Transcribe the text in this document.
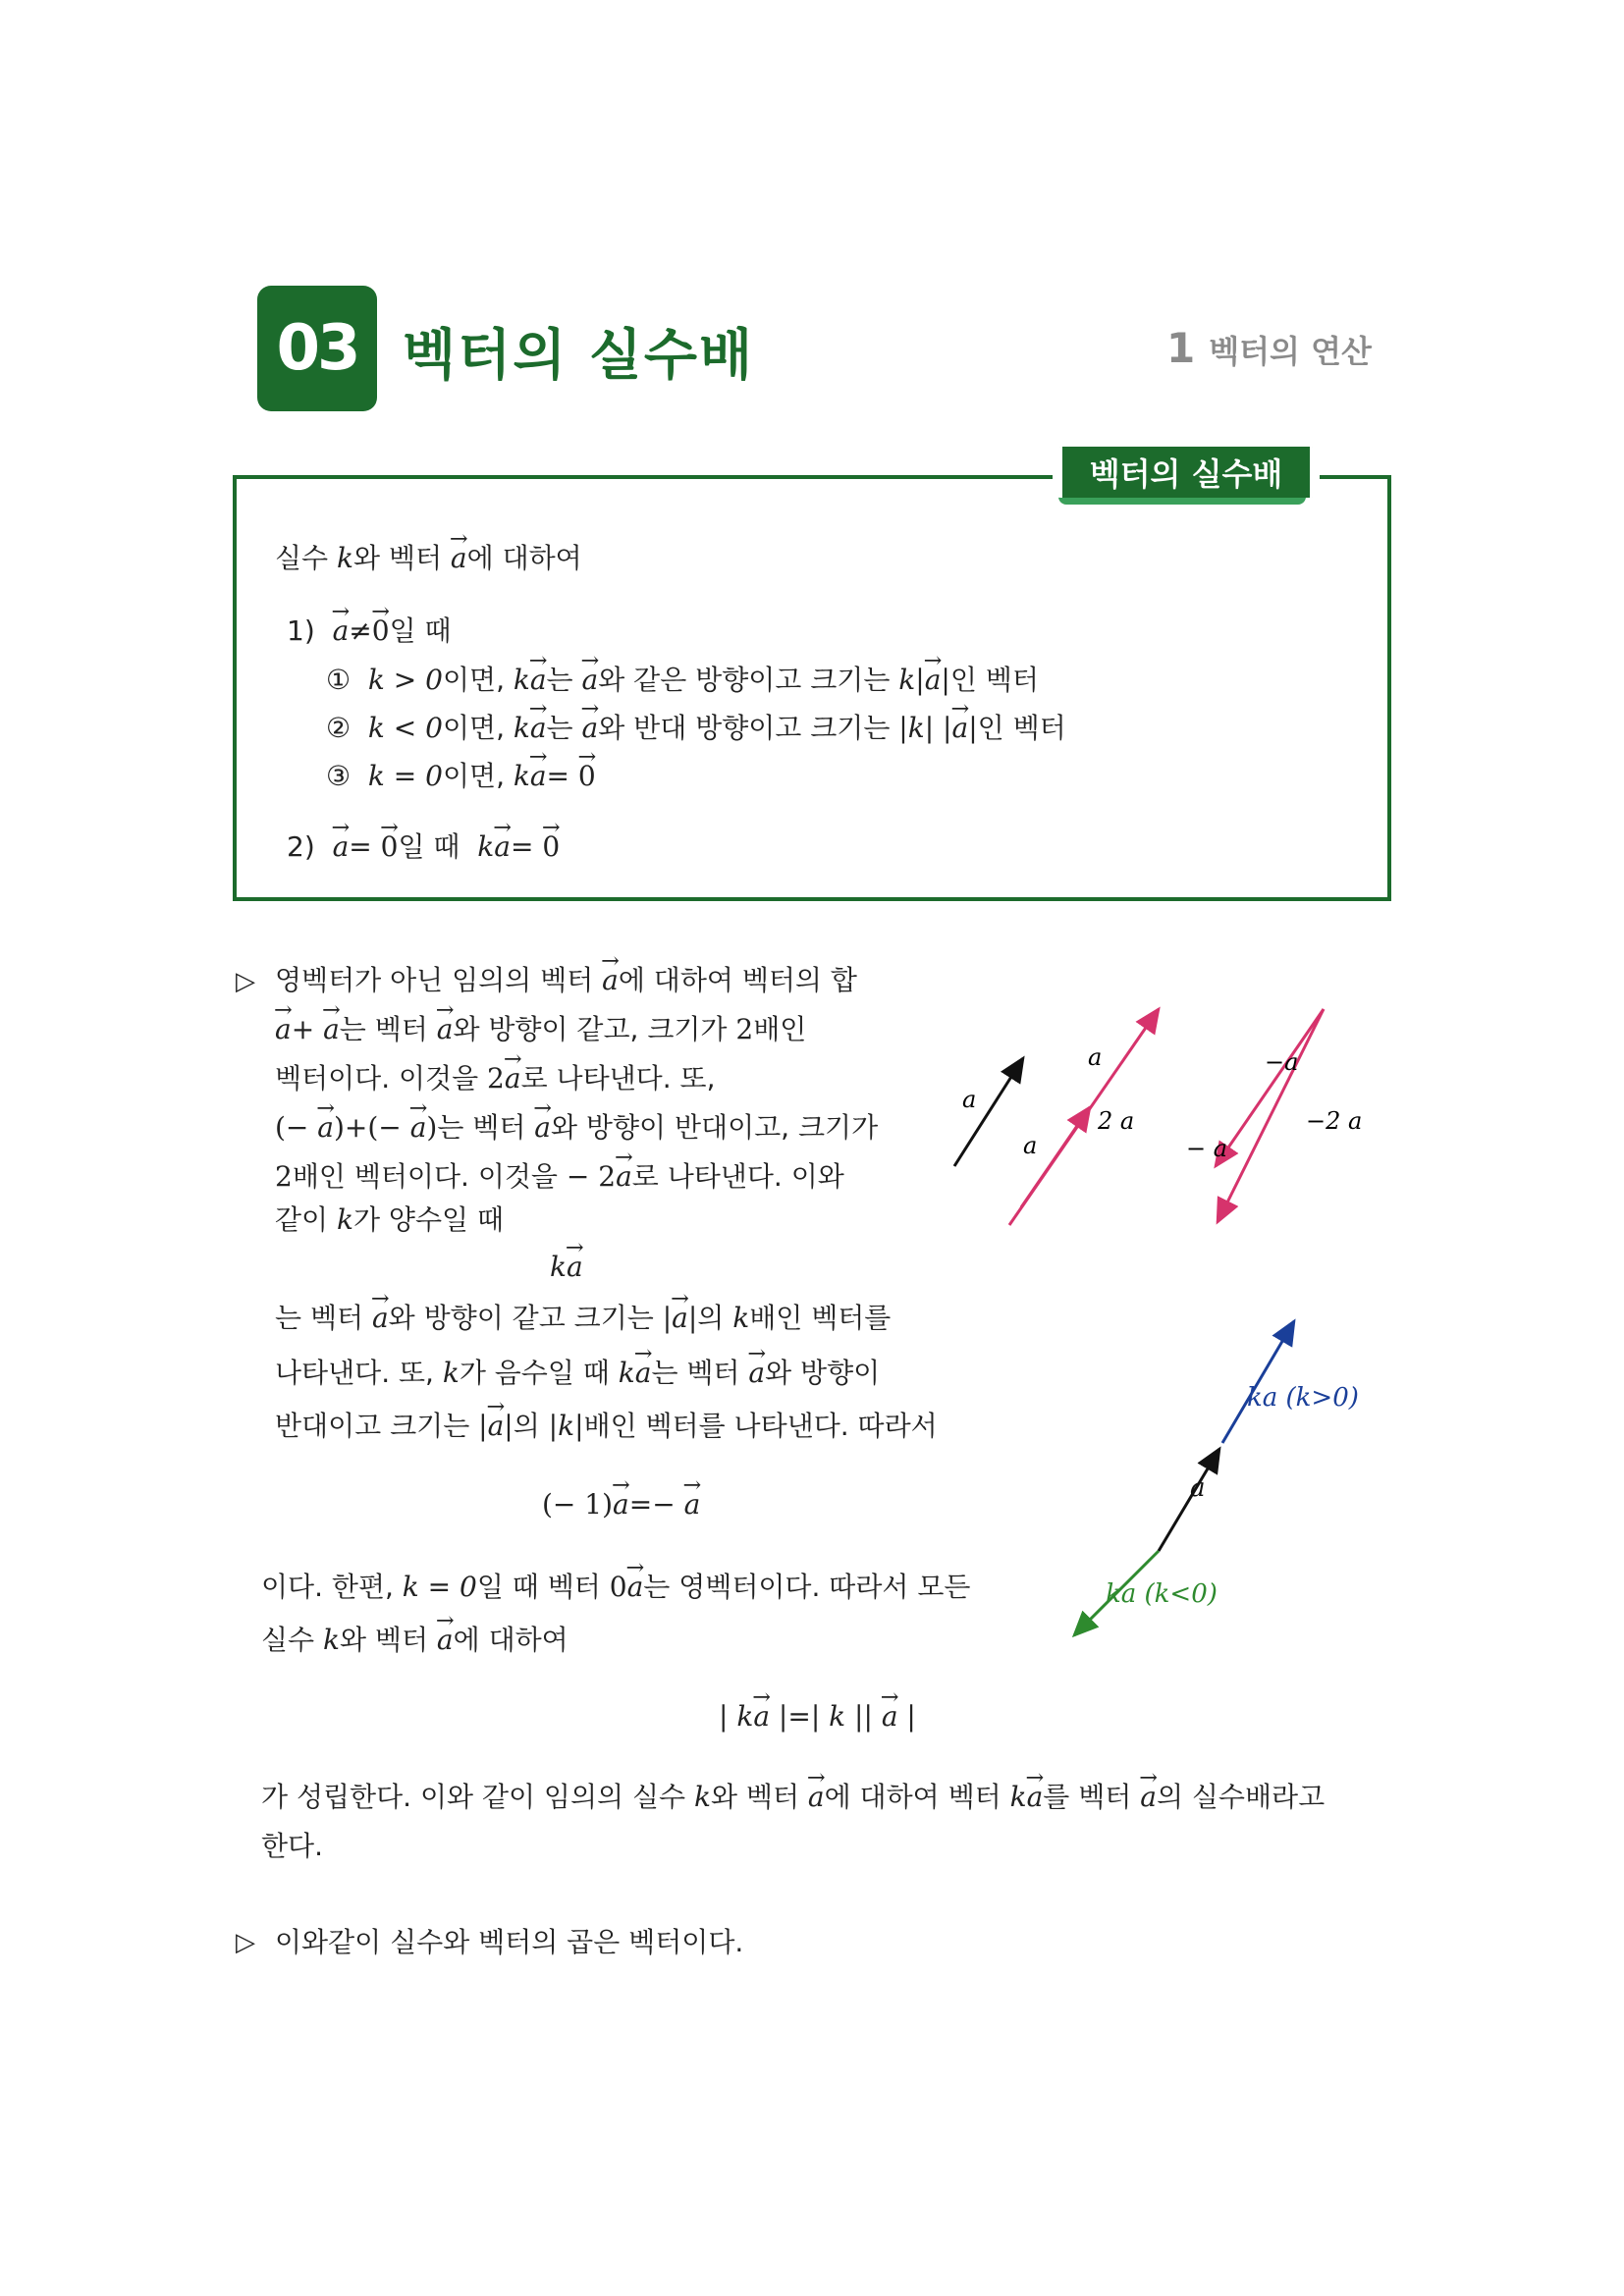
03 벡터의 실수배	1 벡터의 연산
벡터의 실수배
실수 k와 벡터 → a에 대하여
1) → a≠→ 0일 때
① k > 0이면, k→ a는 → a와 같은 방향이고 크기는 k|→ a|인 벡터
② k < 0이면, k→ a는 → a와 반대 방향이고 크기는 |k| |→ a|인 벡터
③ k = 0이면, k→ a= → 0
2) → a= → 0일 때  k→ a= → 0
▷ 영벡터가 아닌 임의의 벡터 → a에 대하여 벡터의 합
→ a+ → a는 벡터 → a와 방향이 같고, 크기가 2배인
벡터이다. 이것을 2→ a로 나타낸다. 또,
(− → a)+(− → a)는 벡터 → a와 방향이 반대이고, 크기가
2배인 벡터이다. 이것을 − 2→ a로 나타낸다. 이와
같이 k가 양수일 때
k→ a
는 벡터 → a와 방향이 같고 크기는 |→ a|의 k배인 벡터를
나타낸다. 또, k가 음수일 때 k→ a는 벡터 → a와 방향이
반대이고 크기는 |→ a|의 |k|배인 벡터를 나타낸다. 따라서
(− 1)→ a=− → a
이다. 한편, k = 0일 때 벡터 0→ a는 영벡터이다. 따라서 모든
실수 k와 벡터 → a에 대하여
| k→ a |=| k || → a |
가 성립한다. 이와 같이 임의의 실수 k와 벡터 → a에 대하여 벡터 k→ a를 벡터 → a의 실수배라고
한다.
▷ 이와같이 실수와 벡터의 곱은 벡터이다.
a
a
a
2 a
−a
− a
−2 a
ka (k>0)
a
ka (k<0)
